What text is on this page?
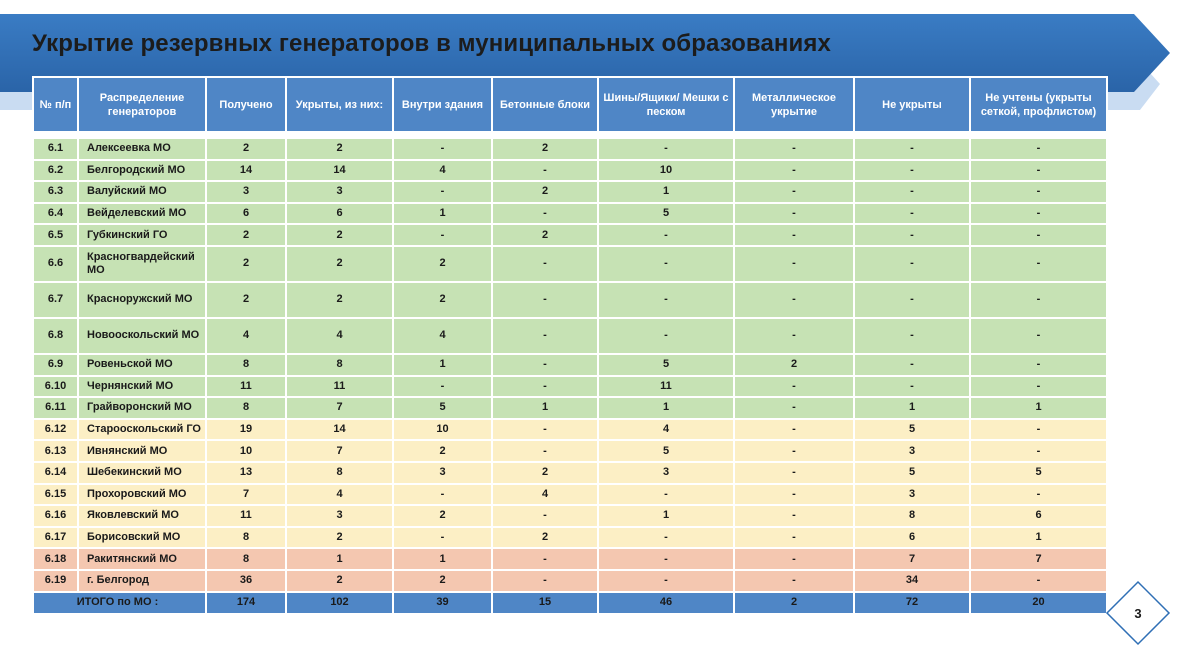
Укрытие резервных генераторов в муниципальных образованиях
№ п/п	Распределение генераторов	Получено	Укрыты, из них:	Внутри здания	Бетонные блоки	Шины/Ящики/ Мешки с песком	Металлическое укрытие	Не укрыты	Не учтены (укрыты сеткой, профлистом)

6.1	Алексеевка МО	2	2	-	2	-	-	-	-
6.2	Белгородский МО	14	14	4	-	10	-	-	-
6.3	Валуйский МО	3	3	-	2	1	-	-	-
6.4	Вейделевский МО	6	6	1	-	5	-	-	-
6.5	Губкинский ГО	2	2	-	2	-	-	-	-
6.6	Красногвардейский МО	2	2	2	-	-	-	-	-
6.7	Красноружский МО	2	2	2	-	-	-	-	-
6.8	Новооскольский МО	4	4	4	-	-	-	-	-
6.9	Ровеньской МО	8	8	1	-	5	2	-	-
6.10	Чернянский МО	11	11	-	-	11	-	-	-
6.11	Грайворонский МО	8	7	5	1	1	-	1	1
6.12	Старооскольский ГО	19	14	10	-	4	-	5	-
6.13	Ивнянский МО	10	7	2	-	5	-	3	-
6.14	Шебекинский МО	13	8	3	2	3	-	5	5
6.15	Прохоровский МО	7	4	-	4	-	-	3	-
6.16	Яковлевский МО	11	3	2	-	1	-	8	6
6.17	Борисовский МО	8	2	-	2	-	-	6	1
6.18	Ракитянский МО	8	1	1	-	-	-	7	7
6.19	г. Белгород	36	2	2	-	-	-	34	-
ИТОГО по МО :		174	102	39	15	46	2	72	20
3
